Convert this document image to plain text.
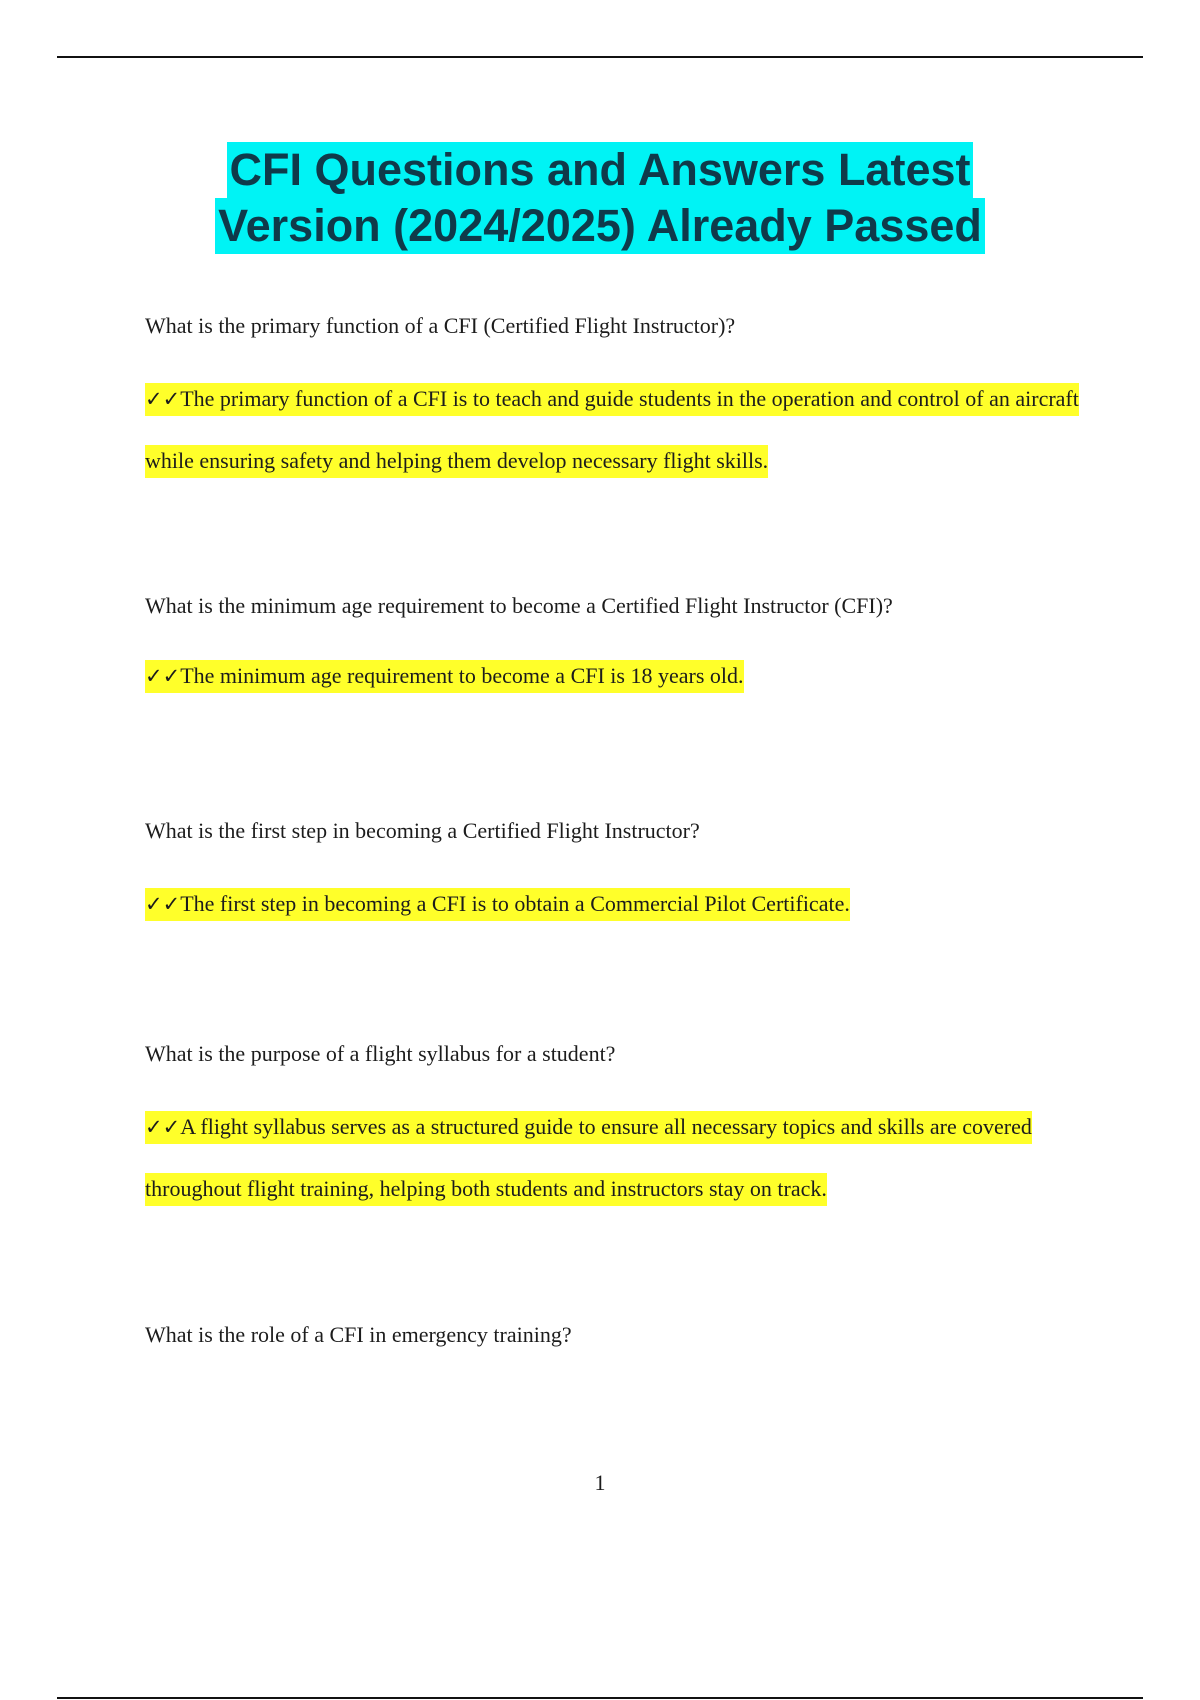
CFI Questions and Answers Latest
Version (2024/2025) Already Passed

What is the primary function of a CFI (Certified Flight Instructor)?

✓✓The primary function of a CFI is to teach and guide students in the operation and control of an aircraft while ensuring safety and helping them develop necessary flight skills.

What is the minimum age requirement to become a Certified Flight Instructor (CFI)?

✓✓The minimum age requirement to become a CFI is 18 years old.

What is the first step in becoming a Certified Flight Instructor?

✓✓The first step in becoming a CFI is to obtain a Commercial Pilot Certificate.

What is the purpose of a flight syllabus for a student?

✓✓A flight syllabus serves as a structured guide to ensure all necessary topics and skills are covered throughout flight training, helping both students and instructors stay on track.

What is the role of a CFI in emergency training?

1
